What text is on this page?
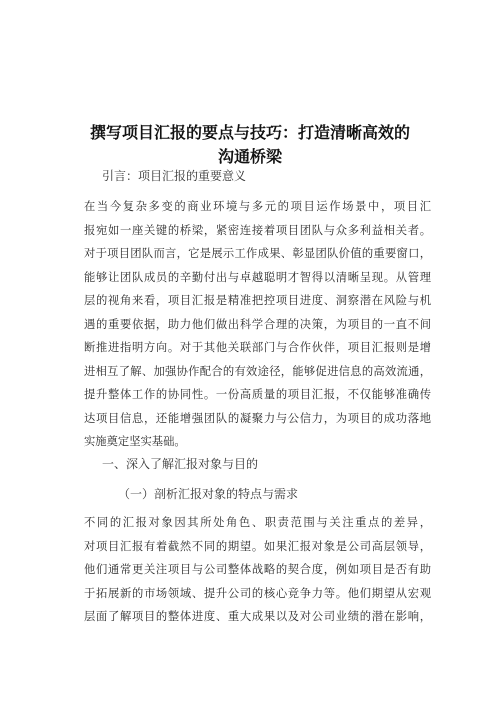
撰写项目汇报的要点与技巧：打造清晰高效的
沟通桥梁
引言：项目汇报的重要意义
在当今复杂多变的商业环境与多元的项目运作场景中，项目汇
报宛如一座关键的桥梁，紧密连接着项目团队与众多利益相关者。
对于项目团队而言，它是展示工作成果、彰显团队价值的重要窗口，
能够让团队成员的辛勤付出与卓越聪明才智得以清晰呈现。从管理
层的视角来看，项目汇报是精准把控项目进度、洞察潜在风险与机
遇的重要依据，助力他们做出科学合理的决策，为项目的一直不间
断推进指明方向。对于其他关联部门与合作伙伴，项目汇报则是增
进相互了解、加强协作配合的有效途径，能够促进信息的高效流通，
提升整体工作的协同性。一份高质量的项目汇报，不仅能够准确传
达项目信息，还能增强团队的凝聚力与公信力，为项目的成功落地
实施奠定坚实基础。
一、深入了解汇报对象与目的
（一）剖析汇报对象的特点与需求
不同的汇报对象因其所处角色、职责范围与关注重点的差异，
对项目汇报有着截然不同的期望。如果汇报对象是公司高层领导，
他们通常更关注项目与公司整体战略的契合度，例如项目是否有助
于拓展新的市场领域、提升公司的核心竞争力等。他们期望从宏观
层面了解项目的整体进度、重大成果以及对公司业绩的潜在影响，
